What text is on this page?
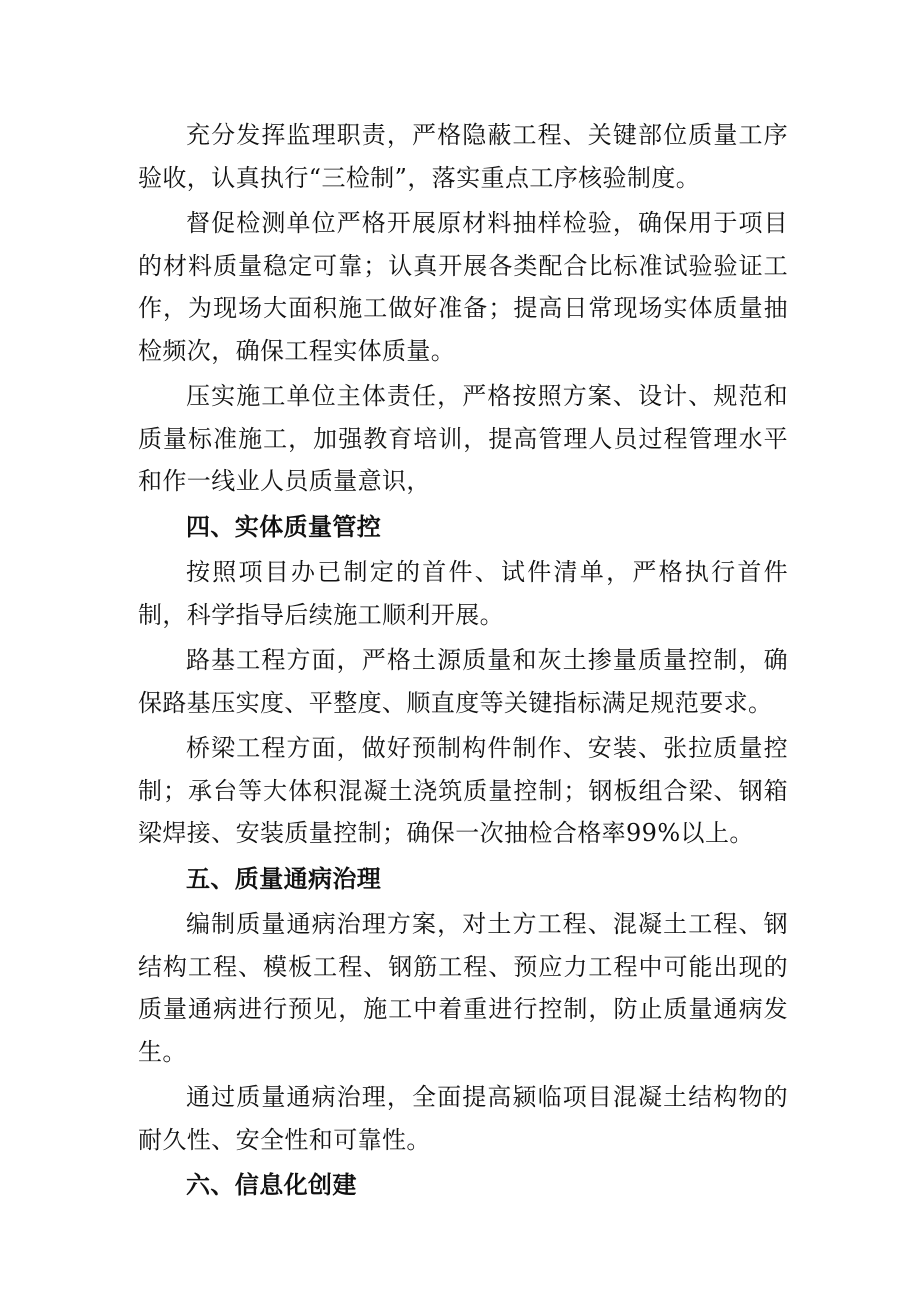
充分发挥监理职责，严格隐蔽工程、关键部位质量工序验收，认真执行“三检制”，落实重点工序核验制度。

督促检测单位严格开展原材料抽样检验，确保用于项目的材料质量稳定可靠；认真开展各类配合比标准试验验证工作，为现场大面积施工做好准备；提高日常现场实体质量抽检频次，确保工程实体质量。

压实施工单位主体责任，严格按照方案、设计、规范和质量标准施工，加强教育培训，提高管理人员过程管理水平和作一线业人员质量意识，

四、实体质量管控

按照项目办已制定的首件、试件清单，严格执行首件制，科学指导后续施工顺利开展。

路基工程方面，严格土源质量和灰土掺量质量控制，确保路基压实度、平整度、顺直度等关键指标满足规范要求。

桥梁工程方面，做好预制构件制作、安装、张拉质量控制；承台等大体积混凝土浇筑质量控制；钢板组合梁、钢箱梁焊接、安装质量控制；确保一次抽检合格率99%以上。

五、质量通病治理

编制质量通病治理方案，对土方工程、混凝土工程、钢结构工程、模板工程、钢筋工程、预应力工程中可能出现的质量通病进行预见，施工中着重进行控制，防止质量通病发生。

通过质量通病治理，全面提高颍临项目混凝土结构物的耐久性、安全性和可靠性。

六、信息化创建
